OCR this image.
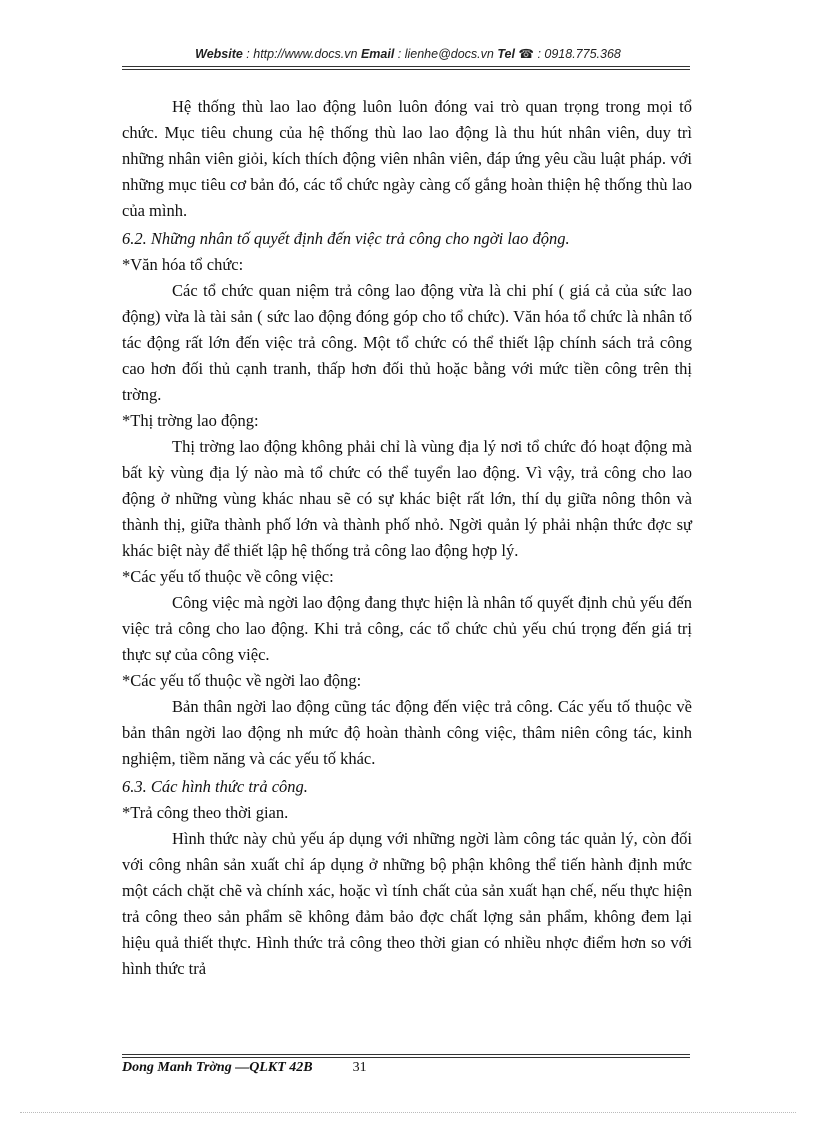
Website : http://www.docs.vn Email : lienhe@docs.vn Tel ☎ : 0918.775.368

Hệ thống thù lao lao động luôn luôn đóng vai trò quan trọng trong mọi tổ chức. Mục tiêu chung của hệ thống thù lao lao động là thu hút nhân viên, duy trì những nhân viên giỏi, kích thích động viên nhân viên, đáp ứng yêu cầu luật pháp. với những mục tiêu cơ bản đó, các tổ chức ngày càng cố gắng hoàn thiện hệ thống thù lao của mình.

6.2. Những nhân tố quyết định đến việc trả công cho ngời lao động.

*Văn hóa tổ chức:

Các tổ chức quan niệm trả công lao động vừa là chi phí ( giá cả của sức lao động) vừa là tài sản ( sức lao động đóng góp cho tổ chức). Văn hóa tổ chức là nhân tố tác động rất lớn đến việc trả công. Một tổ chức có thể thiết lập chính sách trả công cao hơn đối thủ cạnh tranh, thấp hơn đối thủ hoặc bằng với mức tiền công trên thị trờng.

*Thị trờng lao động:

Thị trờng lao động không phải chỉ là vùng địa lý nơi tổ chức đó hoạt động mà bất kỳ vùng địa lý nào mà tổ chức có thể tuyển lao động. Vì vậy, trả công cho lao động ở những vùng khác nhau sẽ có sự khác biệt rất lớn, thí dụ giữa nông thôn và thành thị, giữa thành phố lớn và thành phố nhỏ. Ngời quản lý phải nhận thức đợc sự khác biệt này để thiết lập hệ thống trả công lao động hợp lý.

*Các yếu tố thuộc về công việc:

Công việc mà ngời lao động đang thực hiện là nhân tố quyết định chủ yếu đến việc trả công cho lao động. Khi trả công, các tổ chức chủ yếu chú trọng đến giá trị thực sự của công việc.

*Các yếu tố thuộc về ngời lao động:

Bản thân ngời lao động cũng tác động đến việc trả công. Các yếu tố thuộc về bản thân ngời lao động nh mức độ hoàn thành công việc, thâm niên công tác, kinh nghiệm, tiềm năng và các yếu tố khác.

6.3. Các hình thức trả công.

*Trả công theo thời gian.

Hình thức này chủ yếu áp dụng với những ngời làm công tác quản lý, còn đối với công nhân sản xuất chỉ áp dụng ở những bộ phận không thể tiến hành định mức một cách chặt chẽ và chính xác, hoặc vì tính chất của sản xuất hạn chế, nếu thực hiện trả công theo sản phẩm sẽ không đảm bảo đợc chất lợng sản phẩm, không đem lại hiệu quả thiết thực. Hình thức trả công theo thời gian có nhiều nhợc điểm hơn so với hình thức trả

Dong Manh Trờng —QLKT 42B	31
